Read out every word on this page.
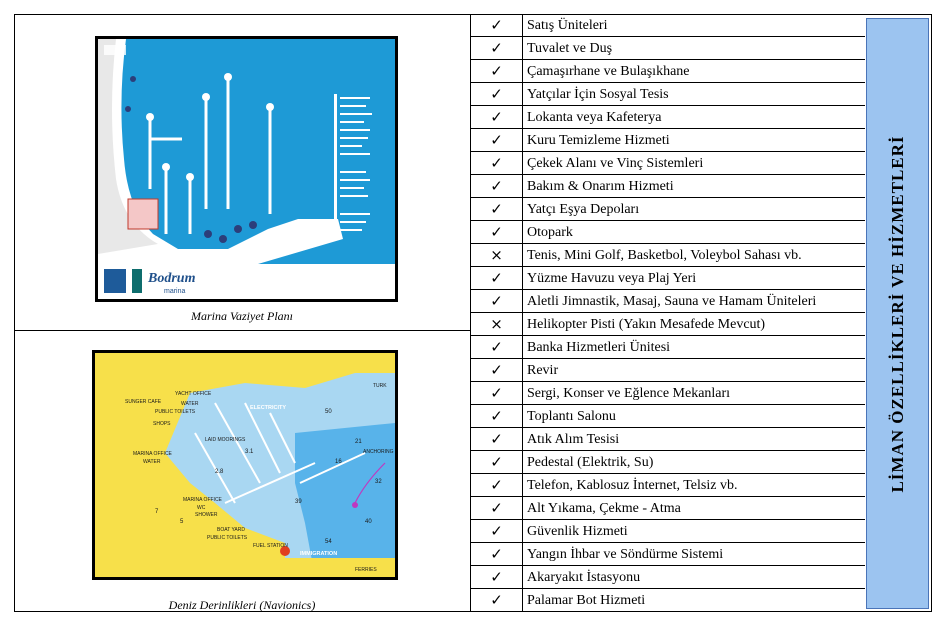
Bodrum
marina
Marina Vaziyet Planı
50
21
32
16
40
54
39
2.8
3.1
5
7
YACHT OFFICE
SUNGER CAFE	WATER
PUBLIC TOILETS
SHOPS
ELECTRICITY
LAID MOORINGS
MARINA OFFICE
WATER
BOAT YARD
PUBLIC TOILETS
FUEL STATION
IMMIGRATION
MARINA OFFICE
WC
SHOWER
ANCHORING
TURK
FERRIES
Deniz Derinlikleri (Navionics)
✓	Satış Üniteleri
✓	Tuvalet ve Duş
✓	Çamaşırhane ve Bulaşıkhane
✓	Yatçılar İçin Sosyal Tesis
✓	Lokanta veya Kafeterya
✓	Kuru Temizleme Hizmeti
✓	Çekek Alanı ve Vinç Sistemleri
✓	Bakım & Onarım Hizmeti
✓	Yatçı Eşya Depoları
✓	Otopark
×	Tenis, Mini Golf, Basketbol, Voleybol Sahası vb.
✓	Yüzme Havuzu veya Plaj Yeri
✓	Aletli Jimnastik, Masaj, Sauna ve Hamam Üniteleri
×	Helikopter Pisti (Yakın Mesafede Mevcut)
✓	Banka Hizmetleri Ünitesi
✓	Revir
✓	Sergi, Konser ve Eğlence Mekanları
✓	Toplantı Salonu
✓	Atık Alım Tesisi
✓	Pedestal (Elektrik, Su)
✓	Telefon, Kablosuz İnternet, Telsiz vb.
✓	Alt Yıkama, Çekme - Atma
✓	Güvenlik Hizmeti
✓	Yangın İhbar ve Söndürme Sistemi
✓	Akaryakıt İstasyonu
✓	Palamar Bot Hizmeti
LİMAN ÖZELLİKLERİ VE HİZMETLERİ
